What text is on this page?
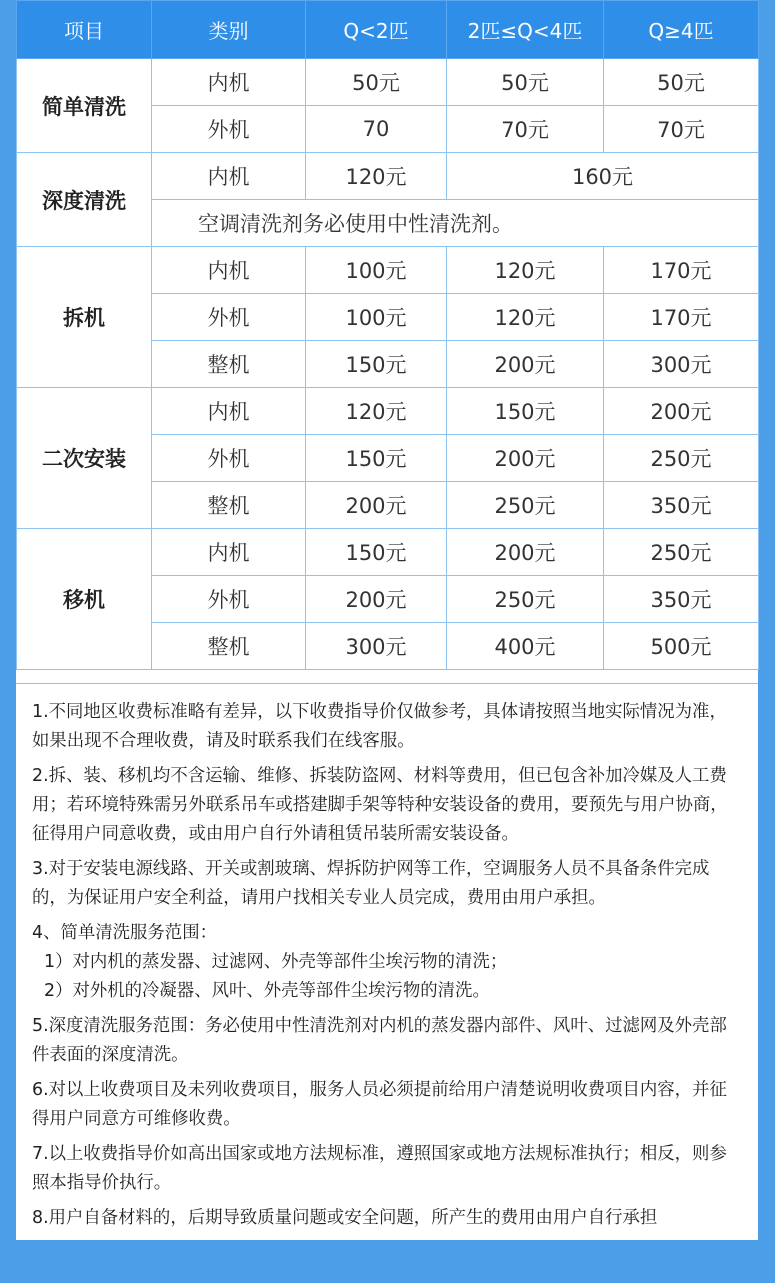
项目	类别	Q<2匹	2匹≤Q<4匹	Q≥4匹
简单清洗	内机	50元	50元	50元
	外机	70	70元	70元
深度清洗	内机	120元	160元	
	空调清洗剂务必使用中性清洗剂。			
拆机	内机	100元	120元	170元
	外机	100元	120元	170元
	整机	150元	200元	300元
二次安装	内机	120元	150元	200元
	外机	150元	200元	250元
	整机	200元	250元	350元
移机	内机	150元	200元	250元
	外机	200元	250元	350元
	整机	300元	400元	500元
1.不同地区收费标准略有差异，以下收费指导价仅做参考，具体请按照当地实际情况为准，如果出现不合理收费，请及时联系我们在线客服。
2.拆、装、移机均不含运输、维修、拆装防盗网、材料等费用，但已包含补加冷媒及人工费用；若环境特殊需另外联系吊车或搭建脚手架等特种安装设备的费用，要预先与用户协商，征得用户同意收费，或由用户自行外请租赁吊装所需安装设备。
3.对于安装电源线路、开关或割玻璃、焊拆防护网等工作，空调服务人员不具备条件完成的，为保证用户安全利益，请用户找相关专业人员完成，费用由用户承担。
4、简单清洗服务范围：
1）对内机的蒸发器、过滤网、外壳等部件尘埃污物的清洗；
2）对外机的冷凝器、风叶、外壳等部件尘埃污物的清洗。
5.深度清洗服务范围：务必使用中性清洗剂对内机的蒸发器内部件、风叶、过滤网及外壳部件表面的深度清洗。
6.对以上收费项目及未列收费项目，服务人员必须提前给用户清楚说明收费项目内容，并征得用户同意方可维修收费。
7.以上收费指导价如高出国家或地方法规标准，遵照国家或地方法规标准执行；相反，则参照本指导价执行。
8.用户自备材料的，后期导致质量问题或安全问题，所产生的费用由用户自行承担
